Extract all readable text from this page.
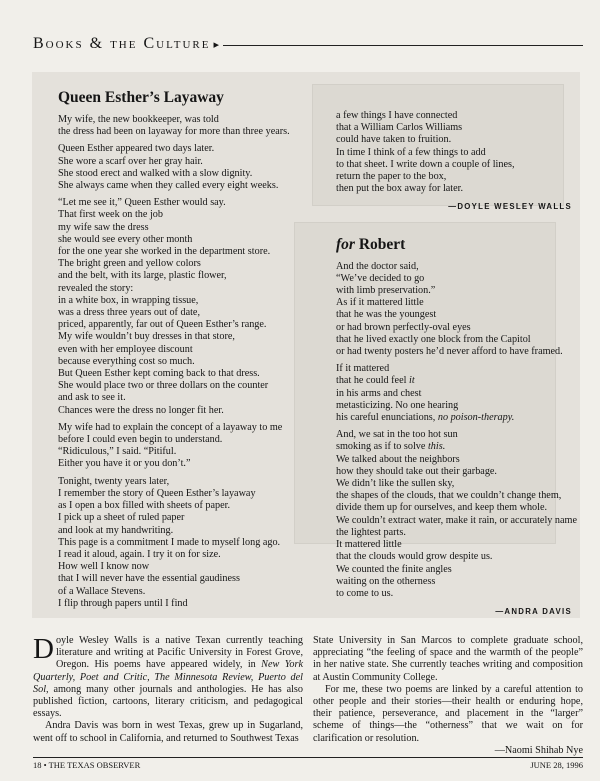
Books & the Culture ▸
Queen Esther’s Layaway
My wife, the new bookkeeper, was told
the dress had been on layaway for more than three years.
Queen Esther appeared two days later.
She wore a scarf over her gray hair.
She stood erect and walked with a slow dignity.
She always came when they called every eight weeks.
“Let me see it,” Queen Esther would say.
That first week on the job
my wife saw the dress
she would see every other month
for the one year she worked in the department store.
The bright green and yellow colors
and the belt, with its large, plastic flower,
revealed the story:
in a white box, in wrapping tissue,
was a dress three years out of date,
priced, apparently, far out of Queen Esther’s range.
My wife wouldn’t buy dresses in that store,
even with her employee discount
because everything cost so much.
But Queen Esther kept coming back to that dress.
She would place two or three dollars on the counter
and ask to see it.
Chances were the dress no longer fit her.
My wife had to explain the concept of a layaway to me
before I could even begin to understand.
“Ridiculous,” I said. “Pitiful.
Either you have it or you don’t.”
Tonight, twenty years later,
I remember the story of Queen Esther’s layaway
as I open a box filled with sheets of paper.
I pick up a sheet of ruled paper
and look at my handwriting.
This page is a commitment I made to myself long ago.
I read it aloud, again. I try it on for size.
How well I know now
that I will never have the essential gaudiness
of a Wallace Stevens.
I flip through papers until I find
a few things I have connected
that a William Carlos Williams
could have taken to fruition.
In time I think of a few things to add
to that sheet. I write down a couple of lines,
return the paper to the box,
then put the box away for later.
—DOYLE WESLEY WALLS
for Robert
And the doctor said,
“We’ve decided to go
with limb preservation.”
As if it mattered little
that he was the youngest
or had brown perfectly-oval eyes
that he lived exactly one block from the Capitol
or had twenty posters he’d never afford to have framed.
If it mattered
that he could feel it
in his arms and chest
metasticizing. No one hearing
his careful enunciations, no poison-therapy.
And, we sat in the too hot sun
smoking as if to solve this.
We talked about the neighbors
how they should take out their garbage.
We didn’t like the sullen sky,
the shapes of the clouds, that we couldn’t change them,
divide them up for ourselves, and keep them whole.
We couldn’t extract water, make it rain, or accurately name
the lightest parts.
It mattered little
that the clouds would grow despite us.
We counted the finite angles
waiting on the otherness
to come to us.
—ANDRA DAVIS

Doyle Wesley Walls is a native Texan currently teaching literature and writing at Pacific University in Forest Grove, Oregon. His poems have appeared widely, in New York Quarterly, Poet and Critic, The Minnesota Review, Puerto del Sol, among many other journals and anthologies. He has also published fiction, cartoons, literary criticism, and pedagogical essays.

Andra Davis was born in west Texas, grew up in Sugarland, went off to school in California, and returned to Southwest Texas

State University in San Marcos to complete graduate school, appreciating “the feeling of space and the warmth of the people” in her native state. She currently teaches writing and composition at Austin Community College.

For me, these two poems are linked by a careful attention to other people and their stories—their health or enduring hope, their patience, perseverance, and placement in the “larger” scheme of things—the “otherness” that we wait on for clarification or resolution.

—Naomi Shihab Nye

18 • THE TEXAS OBSERVER	JUNE 28, 1996
